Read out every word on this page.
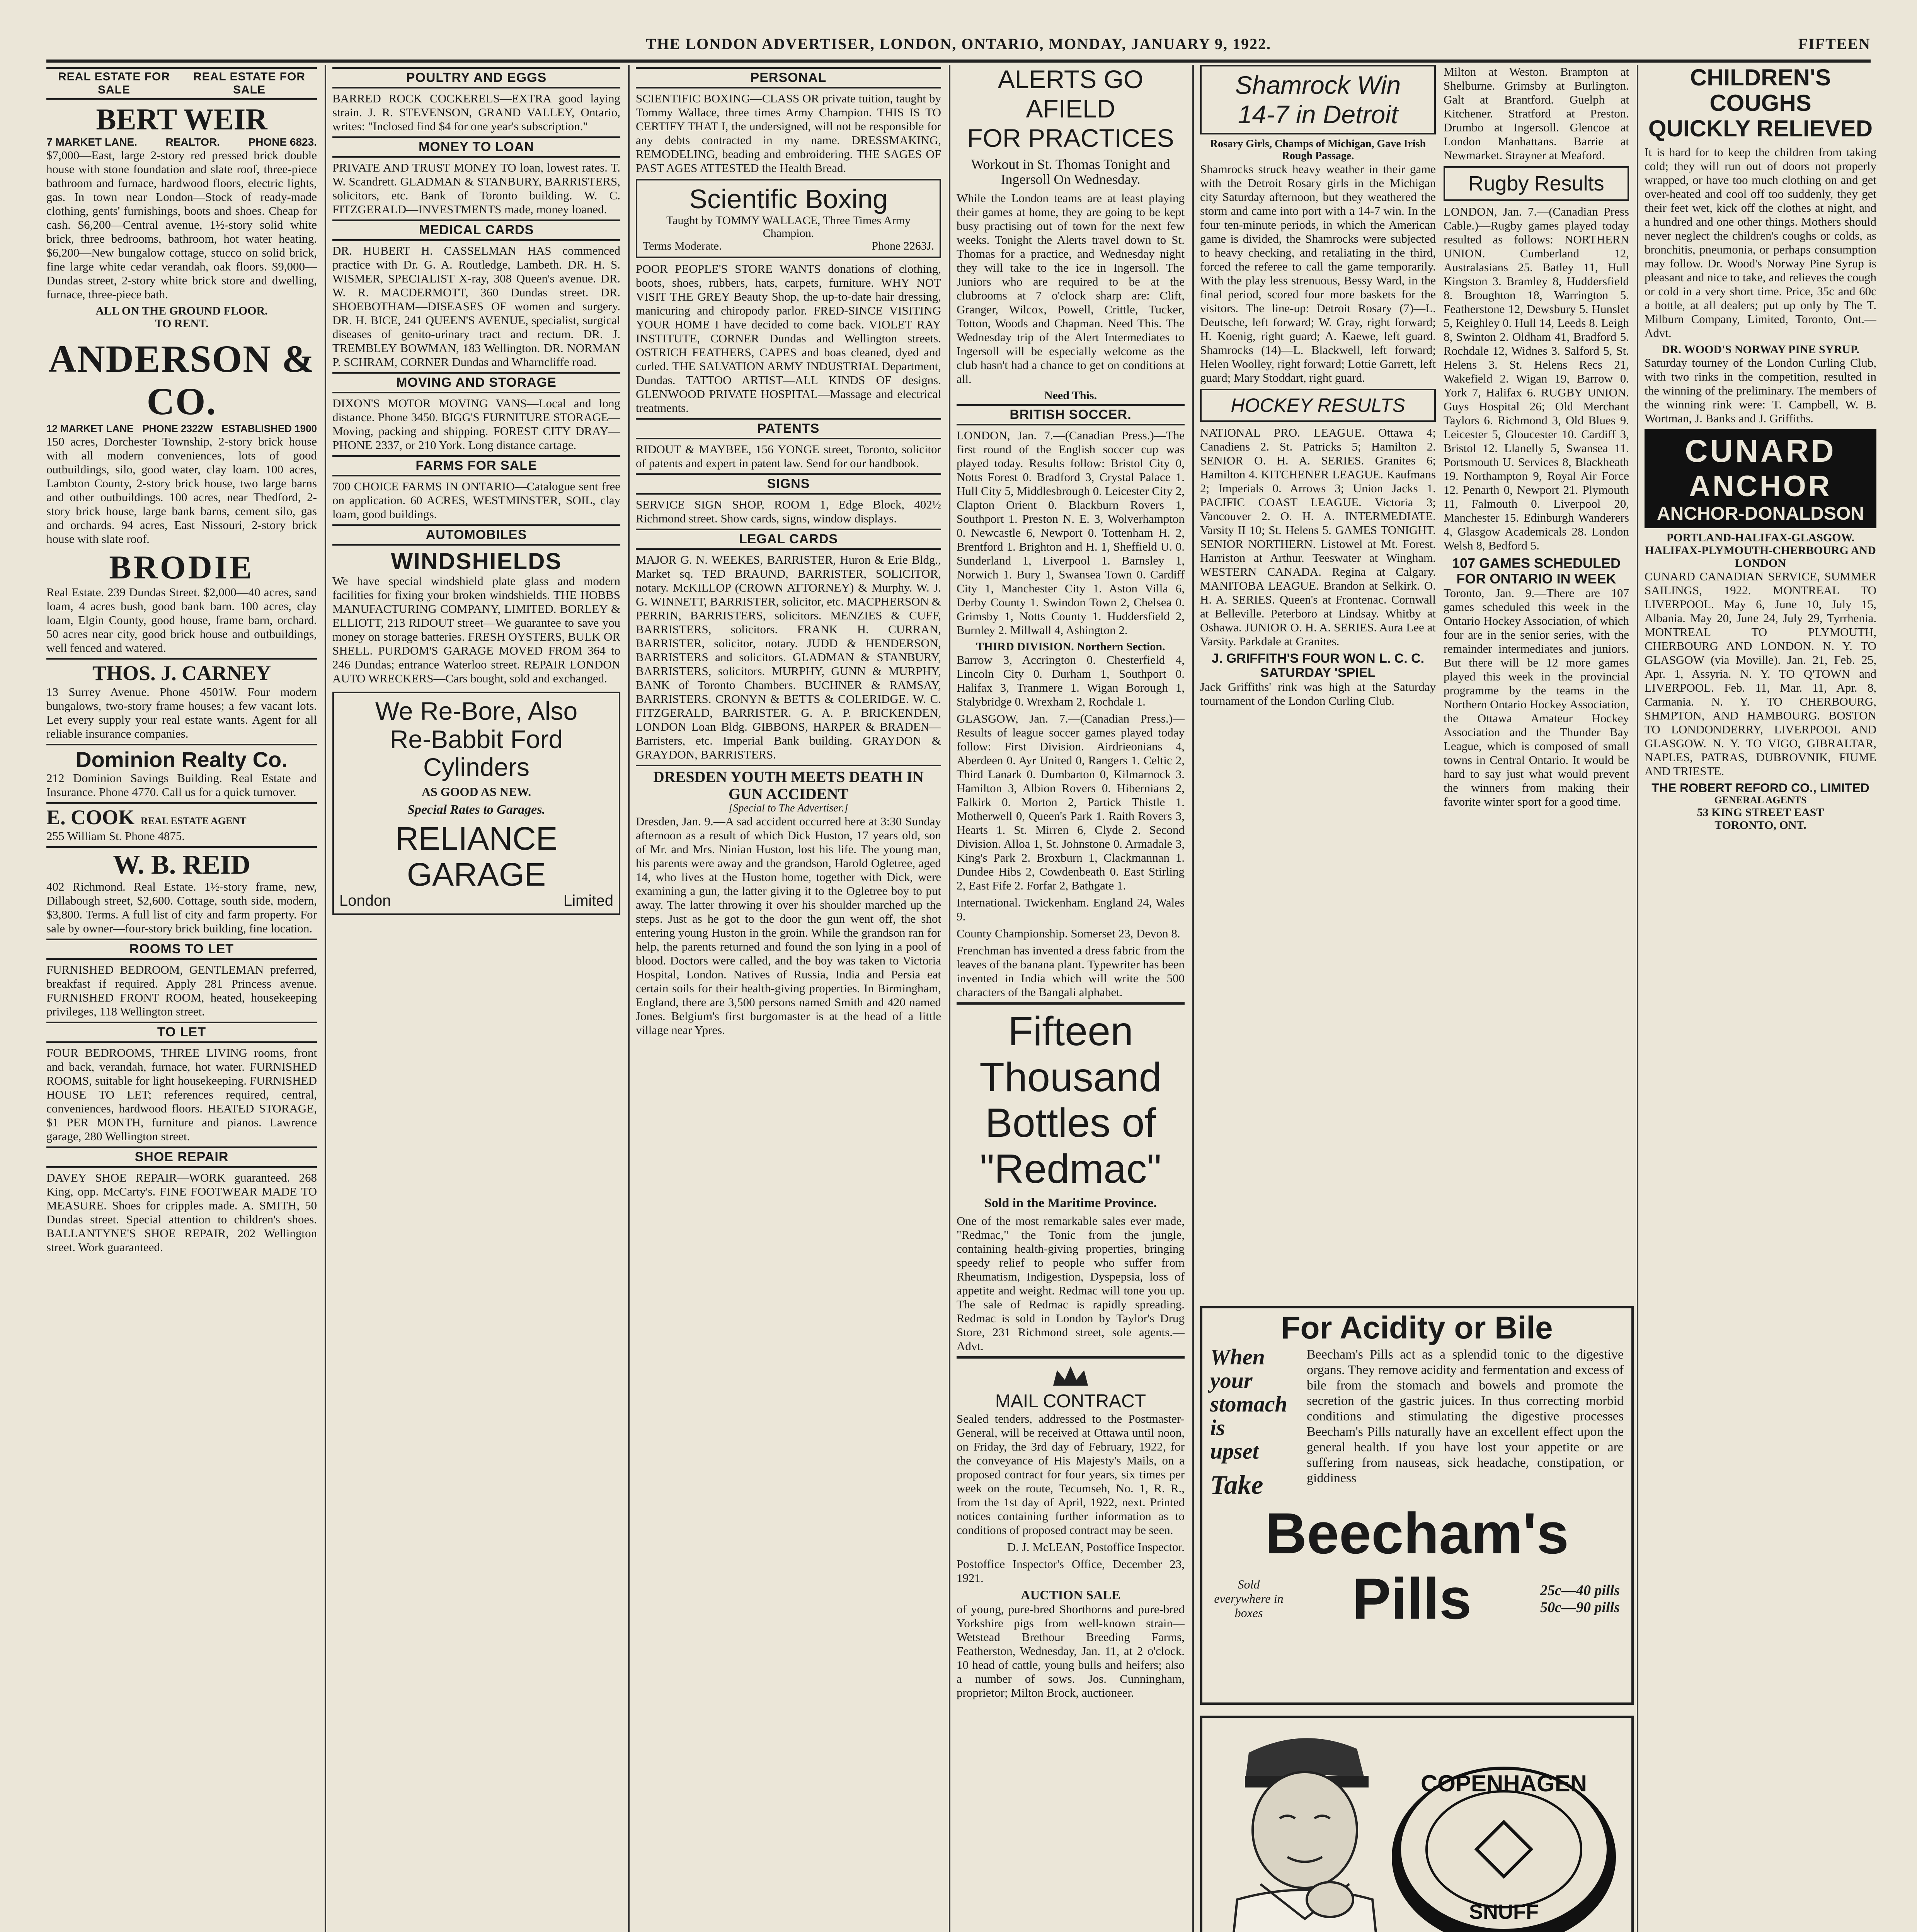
THE LONDON ADVERTISER, LONDON, ONTARIO, MONDAY, JANUARY 9, 1922.	FIFTEEN
REAL ESTATE FOR SALE
REAL ESTATE FOR SALE
BERT WEIR
7 MARKET LANE.	REALTOR.	PHONE 6823.

$7,000—East, large 2-story red pressed brick double house with stone foundation and slate roof, three-piece bathroom and furnace, hardwood floors, electric lights, gas. In town near London—Stock of ready-made clothing, gents' furnishings, boots and shoes. Cheap for cash. $6,200—Central avenue, 1½-story solid white brick, three bedrooms, bathroom, hot water heating. $6,200—New bungalow cottage, stucco on solid brick, fine large white cedar verandah, oak floors. $9,000—Dundas street, 2-story white brick store and dwelling, furnace, three-piece bath.

ALL ON THE GROUND FLOOR.
TO RENT.
ANDERSON & CO.
12 MARKET LANE PHONE 2322W ESTABLISHED 1900

150 acres, Dorchester Township, 2-story brick house with all modern conveniences, lots of good outbuildings, silo, good water, clay loam. 100 acres, Lambton County, 2-story brick house, two large barns and other outbuildings. 100 acres, near Thedford, 2-story brick house, large bank barns, cement silo, gas and orchards. 94 acres, East Nissouri, 2-story brick house with slate roof.

BRODIE

Real Estate. 239 Dundas Street. $2,000—40 acres, sand loam, 4 acres bush, good bank barn. 100 acres, clay loam, Elgin County, good house, frame barn, orchard. 50 acres near city, good brick house and outbuildings, well fenced and watered.

THOS. J. CARNEY

13 Surrey Avenue. Phone 4501W. Four modern bungalows, two-story frame houses; a few vacant lots. Let every supply your real estate wants. Agent for all reliable insurance companies.

Dominion Realty Co.

212 Dominion Savings Building. Real Estate and Insurance. Phone 4770. Call us for a quick turnover.

E. COOK REAL ESTATE AGENT

255 William St. Phone 4875.

W. B. REID

402 Richmond. Real Estate. 1½-story frame, new, Dillabough street, $2,600. Cottage, south side, modern, $3,800. Terms. A full list of city and farm property. For sale by owner—four-story brick building, fine location.

ROOMS TO LET

FURNISHED BEDROOM, GENTLEMAN preferred, breakfast if required. Apply 281 Princess avenue. FURNISHED FRONT ROOM, heated, housekeeping privileges, 118 Wellington street.

TO LET

FOUR BEDROOMS, THREE LIVING rooms, front and back, verandah, furnace, hot water. FURNISHED ROOMS, suitable for light housekeeping. FURNISHED HOUSE TO LET; references required, central, conveniences, hardwood floors. HEATED STORAGE, $1 PER MONTH, furniture and pianos. Lawrence garage, 280 Wellington street.

SHOE REPAIR

DAVEY SHOE REPAIR—WORK guaranteed. 268 King, opp. McCarty's. FINE FOOTWEAR MADE TO MEASURE. Shoes for cripples made. A. SMITH, 50 Dundas street. Special attention to children's shoes. BALLANTYNE'S SHOE REPAIR, 202 Wellington street. Work guaranteed.

POULTRY AND EGGS

BARRED ROCK COCKERELS—EXTRA good laying strain. J. R. STEVENSON, GRAND VALLEY, Ontario, writes: "Inclosed find $4 for one year's subscription."

MONEY TO LOAN

PRIVATE AND TRUST MONEY TO loan, lowest rates. T. W. Scandrett. GLADMAN & STANBURY, BARRISTERS, solicitors, etc. Bank of Toronto building. W. C. FITZGERALD—INVESTMENTS made, money loaned.

MEDICAL CARDS

DR. HUBERT H. CASSELMAN HAS commenced practice with Dr. G. A. Routledge, Lambeth. DR. H. S. WISMER, SPECIALIST X-ray, 308 Queen's avenue. DR. W. R. MACDERMOTT, 360 Dundas street. DR. SHOEBOTHAM—DISEASES OF women and surgery. DR. H. BICE, 241 QUEEN'S AVENUE, specialist, surgical diseases of genito-urinary tract and rectum. DR. J. TREMBLEY BOWMAN, 183 Wellington. DR. NORMAN P. SCHRAM, CORNER Dundas and Wharncliffe road.

MOVING AND STORAGE

DIXON'S MOTOR MOVING VANS—Local and long distance. Phone 3450. BIGG'S FURNITURE STORAGE—Moving, packing and shipping. FOREST CITY DRAY—PHONE 2337, or 210 York. Long distance cartage.

FARMS FOR SALE

700 CHOICE FARMS IN ONTARIO—Catalogue sent free on application. 60 ACRES, WESTMINSTER, SOIL, clay loam, good buildings.

AUTOMOBILES
WINDSHIELDS

We have special windshield plate glass and modern facilities for fixing your broken windshields. THE HOBBS MANUFACTURING COMPANY, LIMITED. BORLEY & ELLIOTT, 213 RIDOUT street—We guarantee to save you money on storage batteries. FRESH OYSTERS, BULK OR SHELL. PURDOM'S GARAGE MOVED FROM 364 to 246 Dundas; entrance Waterloo street. REPAIR LONDON AUTO WRECKERS—Cars bought, sold and exchanged.

We Re-Bore, Also
Re-Babbit Ford
Cylinders
AS GOOD AS NEW.
Special Rates to Garages.
RELIANCE
GARAGE
London	Limited

PERSONAL

SCIENTIFIC BOXING—CLASS OR private tuition, taught by Tommy Wallace, three times Army Champion. THIS IS TO CERTIFY THAT I, the undersigned, will not be responsible for any debts contracted in my name. DRESSMAKING, REMODELING, beading and embroidering. THE SAGES OF PAST AGES ATTESTED the Health Bread.

Scientific Boxing
Taught by TOMMY WALLACE, Three Times Army Champion.
Terms Moderate.	Phone 2263J.

POOR PEOPLE'S STORE WANTS donations of clothing, boots, shoes, rubbers, hats, carpets, furniture. WHY NOT VISIT THE GREY Beauty Shop, the up-to-date hair dressing, manicuring and chiropody parlor. FRED-SINCE VISITING YOUR HOME I have decided to come back. VIOLET RAY INSTITUTE, CORNER Dundas and Wellington streets. OSTRICH FEATHERS, CAPES and boas cleaned, dyed and curled. THE SALVATION ARMY INDUSTRIAL Department, Dundas. TATTOO ARTIST—ALL KINDS OF designs. GLENWOOD PRIVATE HOSPITAL—Massage and electrical treatments.

PATENTS

RIDOUT & MAYBEE, 156 YONGE street, Toronto, solicitor of patents and expert in patent law. Send for our handbook.

SIGNS

SERVICE SIGN SHOP, ROOM 1, Edge Block, 402½ Richmond street. Show cards, signs, window displays.

LEGAL CARDS

MAJOR G. N. WEEKES, BARRISTER, Huron & Erie Bldg., Market sq. TED BRAUND, BARRISTER, SOLICITOR, notary. McKILLOP (CROWN ATTORNEY) & Murphy. W. J. G. WINNETT, BARRISTER, solicitor, etc. MACPHERSON & PERRIN, BARRISTERS, solicitors. MENZIES & CUFF, BARRISTERS, solicitors. FRANK H. CURRAN, BARRISTER, solicitor, notary. JUDD & HENDERSON, BARRISTERS and solicitors. GLADMAN & STANBURY, BARRISTERS, solicitors. MURPHY, GUNN & MURPHY, BANK of Toronto Chambers. BUCHNER & RAMSAY, BARRISTERS. CRONYN & BETTS & COLERIDGE. W. C. FITZGERALD, BARRISTER. G. A. P. BRICKENDEN, LONDON Loan Bldg. GIBBONS, HARPER & BRADEN—Barristers, etc. Imperial Bank building. GRAYDON & GRAYDON, BARRISTERS.

DRESDEN YOUTH MEETS DEATH IN GUN ACCIDENT
[Special to The Advertiser.]

Dresden, Jan. 9.—A sad accident occurred here at 3:30 Sunday afternoon as a result of which Dick Huston, 17 years old, son of Mr. and Mrs. Ninian Huston, lost his life. The young man, his parents were away and the grandson, Harold Ogletree, aged 14, who lives at the Huston home, together with Dick, were examining a gun, the latter giving it to the Ogletree boy to put away. The latter throwing it over his shoulder marched up the steps. Just as he got to the door the gun went off, the shot entering young Huston in the groin. While the grandson ran for help, the parents returned and found the son lying in a pool of blood. Doctors were called, and the boy was taken to Victoria Hospital, London. Natives of Russia, India and Persia eat certain soils for their health-giving properties. In Birmingham, England, there are 3,500 persons named Smith and 420 named Jones. Belgium's first burgomaster is at the head of a little village near Ypres.

ALERTS GO AFIELD
FOR PRACTICES
Workout in St. Thomas Tonight and Ingersoll On Wednesday.

While the London teams are at least playing their games at home, they are going to be kept busy practising out of town for the next few weeks. Tonight the Alerts travel down to St. Thomas for a practice, and Wednesday night they will take to the ice in Ingersoll. The Juniors who are required to be at the clubrooms at 7 o'clock sharp are: Clift, Granger, Wilcox, Powell, Crittle, Tucker, Totton, Woods and Chapman. Need This. The Wednesday trip of the Alert Intermediates to Ingersoll will be especially welcome as the club hasn't had a chance to get on conditions at all.

Need This.
BRITISH SOCCER.

LONDON, Jan. 7.—(Canadian Press.)—The first round of the English soccer cup was played today. Results follow: Bristol City 0, Notts Forest 0. Bradford 3, Crystal Palace 1. Hull City 5, Middlesbrough 0. Leicester City 2, Clapton Orient 0. Blackburn Rovers 1, Southport 1. Preston N. E. 3, Wolverhampton 0. Newcastle 6, Newport 0. Tottenham H. 2, Brentford 1. Brighton and H. 1, Sheffield U. 0. Sunderland 1, Liverpool 1. Barnsley 1, Norwich 1. Bury 1, Swansea Town 0. Cardiff City 1, Manchester City 1. Aston Villa 6, Derby County 1. Swindon Town 2, Chelsea 0. Grimsby 1, Notts County 1. Huddersfield 2, Burnley 2. Millwall 4, Ashington 2.

THIRD DIVISION. Northern Section.

Barrow 3, Accrington 0. Chesterfield 4, Lincoln City 0. Durham 1, Southport 0. Halifax 3, Tranmere 1. Wigan Borough 1, Stalybridge 0. Wrexham 2, Rochdale 1.

GLASGOW, Jan. 7.—(Canadian Press.)—Results of league soccer games played today follow: First Division. Airdrieonians 4, Aberdeen 0. Ayr United 0, Rangers 1. Celtic 2, Third Lanark 0. Dumbarton 0, Kilmarnock 3. Hamilton 3, Albion Rovers 0. Hibernians 2, Falkirk 0. Morton 2, Partick Thistle 1. Motherwell 0, Queen's Park 1. Raith Rovers 3, Hearts 1. St. Mirren 6, Clyde 2. Second Division. Alloa 1, St. Johnstone 0. Armadale 3, King's Park 2. Broxburn 1, Clackmannan 1. Dundee Hibs 2, Cowdenbeath 0. East Stirling 2, East Fife 2. Forfar 2, Bathgate 1.

International. Twickenham. England 24, Wales 9.

County Championship. Somerset 23, Devon 8.

Frenchman has invented a dress fabric from the leaves of the banana plant. Typewriter has been invented in India which will write the 500 characters of the Bangali alphabet.

Fifteen
Thousand
Bottles of
"Redmac"
Sold in the Maritime Province.

One of the most remarkable sales ever made, "Redmac," the Tonic from the jungle, containing health-giving properties, bringing speedy relief to people who suffer from Rheumatism, Indigestion, Dyspepsia, loss of appetite and weight. Redmac will tone you up. The sale of Redmac is rapidly spreading. Redmac is sold in London by Taylor's Drug Store, 231 Richmond street, sole agents.—Advt.

MAIL CONTRACT

Sealed tenders, addressed to the Postmaster-General, will be received at Ottawa until noon, on Friday, the 3rd day of February, 1922, for the conveyance of His Majesty's Mails, on a proposed contract for four years, six times per week on the route, Tecumseh, No. 1, R. R., from the 1st day of April, 1922, next. Printed notices containing further information as to conditions of proposed contract may be seen.

D. J. McLEAN, Postoffice Inspector.

Postoffice Inspector's Office, December 23, 1921.

AUCTION SALE

of young, pure-bred Shorthorns and pure-bred Yorkshire pigs from well-known strain—Wetstead Brethour Breeding Farms, Featherston, Wednesday, Jan. 11, at 2 o'clock. 10 head of cattle, young bulls and heifers; also a number of sows. Jos. Cunningham, proprietor; Milton Brock, auctioneer.

Shamrock Win
14-7 in Detroit
Rosary Girls, Champs of Michigan, Gave Irish Rough Passage.

Shamrocks struck heavy weather in their game with the Detroit Rosary girls in the Michigan city Saturday afternoon, but they weathered the storm and came into port with a 14-7 win. In the four ten-minute periods, in which the American game is divided, the Shamrocks were subjected to heavy checking, and retaliating in the third, forced the referee to call the game temporarily. With the play less strenuous, Bessy Ward, in the final period, scored four more baskets for the visitors. The line-up: Detroit Rosary (7)—L. Deutsche, left forward; W. Gray, right forward; H. Koenig, right guard; A. Kaewe, left guard. Shamrocks (14)—L. Blackwell, left forward; Helen Woolley, right forward; Lottie Garrett, left guard; Mary Stoddart, right guard.

HOCKEY RESULTS

NATIONAL PRO. LEAGUE. Ottawa 4; Canadiens 2. St. Patricks 5; Hamilton 2. SENIOR O. H. A. SERIES. Granites 6; Hamilton 4. KITCHENER LEAGUE. Kaufmans 2; Imperials 0. Arrows 3; Union Jacks 1. PACIFIC COAST LEAGUE. Victoria 3; Vancouver 2. O. H. A. INTERMEDIATE. Varsity II 10; St. Helens 5. GAMES TONIGHT. SENIOR NORTHERN. Listowel at Mt. Forest. Harriston at Arthur. Teeswater at Wingham. WESTERN CANADA. Regina at Calgary. MANITOBA LEAGUE. Brandon at Selkirk. O. H. A. SERIES. Queen's at Frontenac. Cornwall at Belleville. Peterboro at Lindsay. Whitby at Oshawa. JUNIOR O. H. A. SERIES. Aura Lee at Varsity. Parkdale at Granites.

J. GRIFFITH'S FOUR WON L. C. C. SATURDAY 'SPIEL

Jack Griffiths' rink was high at the Saturday tournament of the London Curling Club.

Milton at Weston. Brampton at Shelburne. Grimsby at Burlington. Galt at Brantford. Guelph at Kitchener. Stratford at Preston. Drumbo at Ingersoll. Glencoe at London Manhattans. Barrie at Newmarket. Strayner at Meaford.

Rugby Results

LONDON, Jan. 7.—(Canadian Press Cable.)—Rugby games played today resulted as follows: NORTHERN UNION. Cumberland 12, Australasians 25. Batley 11, Hull Kingston 3. Bramley 8, Huddersfield 8. Broughton 18, Warrington 5. Featherstone 12, Dewsbury 5. Hunslet 5, Keighley 0. Hull 14, Leeds 8. Leigh 8, Swinton 2. Oldham 41, Bradford 5. Rochdale 12, Widnes 3. Salford 5, St. Helens 3. St. Helens Recs 21, Wakefield 2. Wigan 19, Barrow 0. York 7, Halifax 6. RUGBY UNION. Guys Hospital 26; Old Merchant Taylors 6. Richmond 3, Old Blues 9. Leicester 5, Gloucester 10. Cardiff 3, Bristol 12. Llanelly 5, Swansea 11. Portsmouth U. Services 8, Blackheath 19. Northampton 9, Royal Air Force 12. Penarth 0, Newport 21. Plymouth 11, Falmouth 0. Liverpool 20, Manchester 15. Edinburgh Wanderers 4, Glasgow Academicals 28. London Welsh 8, Bedford 5.

107 GAMES SCHEDULED FOR ONTARIO IN WEEK

Toronto, Jan. 9.—There are 107 games scheduled this week in the Ontario Hockey Association, of which four are in the senior series, with the remainder intermediates and juniors. But there will be 12 more games played this week in the provincial programme by the teams in the Northern Ontario Hockey Association, the Ottawa Amateur Hockey Association and the Thunder Bay League, which is composed of small towns in Central Ontario. It would be hard to say just what would prevent the winners from making their favorite winter sport for a good time.

For Acidity or Bile
When
your
stomach
is
upset
Take

Beecham's Pills act as a splendid tonic to the digestive organs. They remove acidity and fermentation and excess of bile from the stomach and bowels and promote the secretion of the gastric juices. In thus correcting morbid conditions and stimulating the digestive processes Beecham's Pills naturally have an excellent effect upon the general health. If you have lost your appetite or are suffering from nauseas, sick headache, constipation, or giddiness

Beecham's
Sold everywhere in boxes	Pills	25c—40 pills
50c—90 pills
COPENHAGEN
SNUFF

CHILDREN'S COUGHS
QUICKLY RELIEVED

It is hard for to keep the children from taking cold; they will run out of doors not properly wrapped, or have too much clothing on and get over-heated and cool off too suddenly, they get their feet wet, kick off the clothes at night, and a hundred and one other things. Mothers should never neglect the children's coughs or colds, as bronchitis, pneumonia, or perhaps consumption may follow. Dr. Wood's Norway Pine Syrup is pleasant and nice to take, and relieves the cough or cold in a very short time. Price, 35c and 60c a bottle, at all dealers; put up only by The T. Milburn Company, Limited, Toronto, Ont.—Advt.

DR. WOOD'S NORWAY PINE SYRUP.

Saturday tourney of the London Curling Club, with two rinks in the competition, resulted in the winning of the preliminary. The members of the winning rink were: T. Campbell, W. B. Wortman, J. Banks and J. Griffiths.

CUNARD
ANCHOR
ANCHOR-DONALDSON
PORTLAND-HALIFAX-GLASGOW.
HALIFAX-PLYMOUTH-CHERBOURG AND LONDON

CUNARD CANADIAN SERVICE, SUMMER SAILINGS, 1922. MONTREAL TO LIVERPOOL. May 6, June 10, July 15, Albania. May 20, June 24, July 29, Tyrrhenia. MONTREAL TO PLYMOUTH, CHERBOURG AND LONDON. N. Y. TO GLASGOW (via Moville). Jan. 21, Feb. 25, Apr. 1, Assyria. N. Y. TO Q'TOWN and LIVERPOOL. Feb. 11, Mar. 11, Apr. 8, Carmania. N. Y. TO CHERBOURG, SHMPTON, AND HAMBOURG. BOSTON TO LONDONDERRY, LIVERPOOL AND GLASGOW. N. Y. TO VIGO, GIBRALTAR, NAPLES, PATRAS, DUBROVNIK, FIUME AND TRIESTE.

THE ROBERT REFORD CO., LIMITED
GENERAL AGENTS
53 KING STREET EAST
TORONTO, ONT.
